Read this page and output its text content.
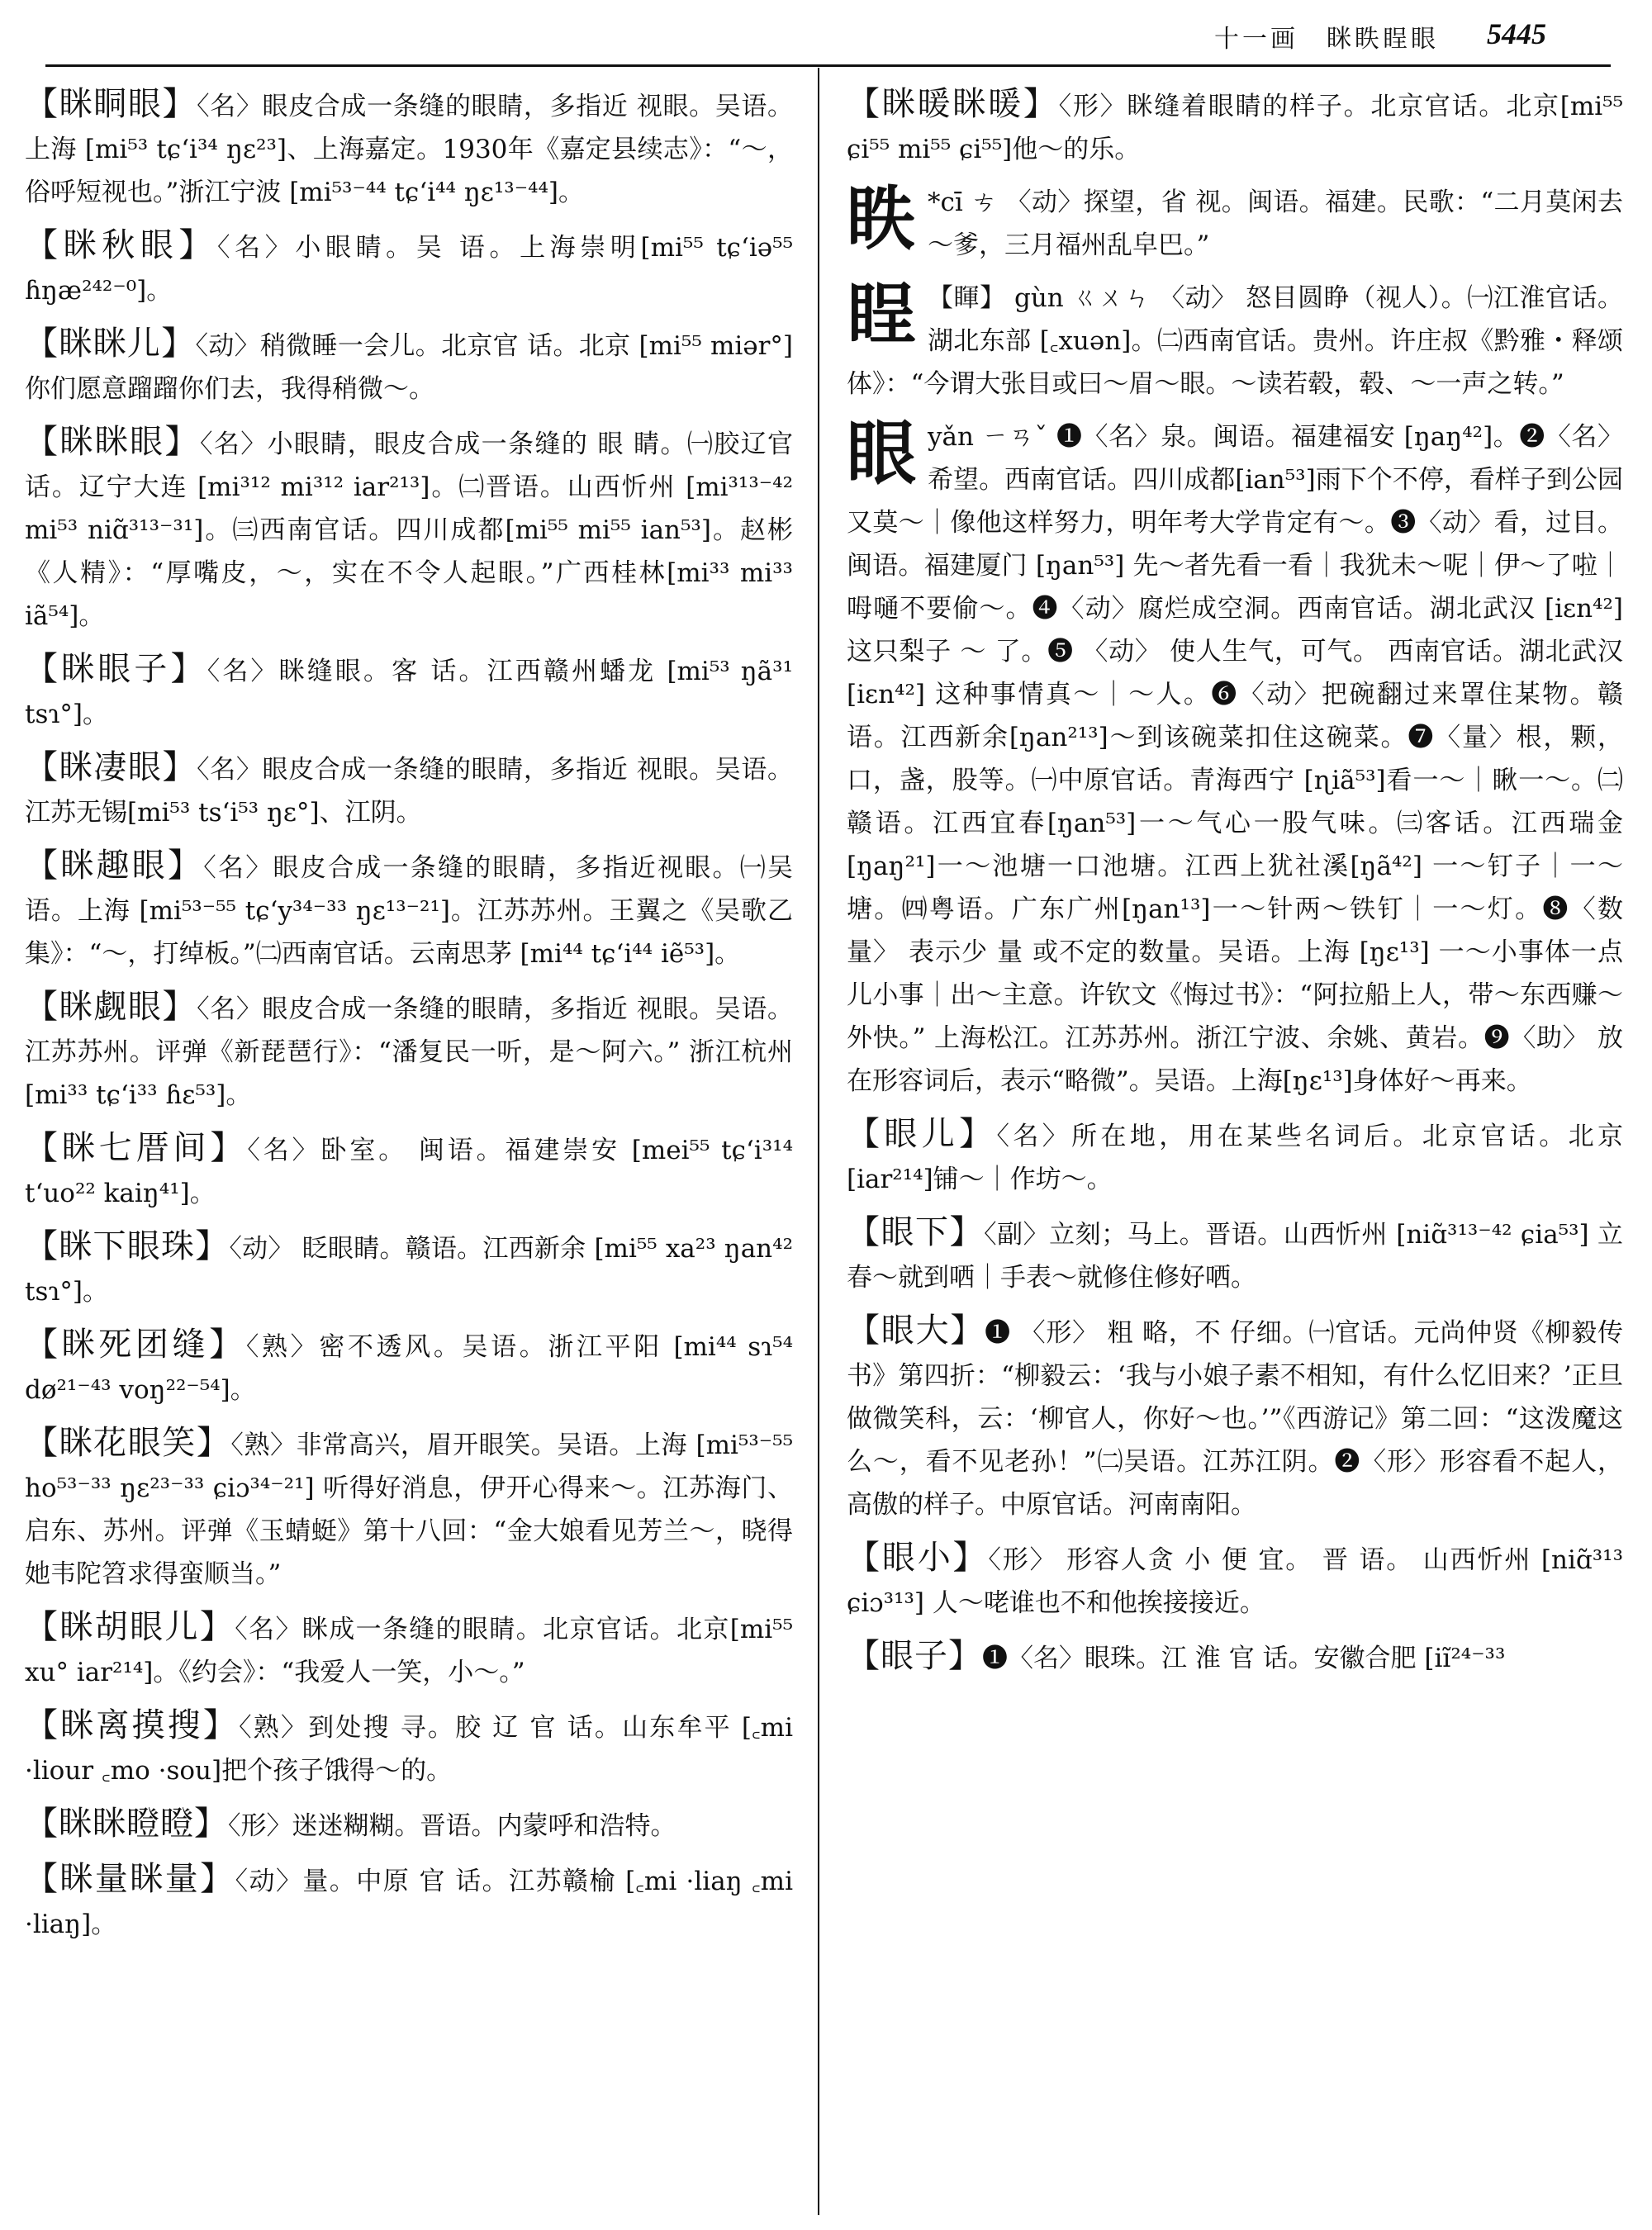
十一画　眯眣睈眼 5445

【眯眮眼】〈名〉眼皮合成一条缝的眼睛，多指近 视眼。吴语。上海 [mi⁵³ tɕʻi³⁴ ŋɛ²³]、上海嘉定。1930年《嘉定县续志》：“～，俗呼短视也。”浙江宁波 [mi⁵³⁻⁴⁴ tɕʻi⁴⁴ ŋɛ¹³⁻⁴⁴]。

【眯秋眼】〈名〉小眼睛。吴 语。上海崇明[mi⁵⁵ tɕʻiə⁵⁵ ɦŋæ²⁴²⁻⁰]。

【眯眯儿】〈动〉稍微睡一会儿。北京官 话。北京 [mi⁵⁵ miər°]你们愿意蹓蹓你们去，我得稍微～。

【眯眯眼】〈名〉小眼睛，眼皮合成一条缝的 眼 睛。㈠胶辽官话。辽宁大连 [mi³¹² mi³¹² iar²¹³]。㈡晋语。山西忻州 [mi³¹³⁻⁴² mi⁵³ niɑ̃³¹³⁻³¹]。㈢西南官话。四川成都[mi⁵⁵ mi⁵⁵ ian⁵³]。赵彬《人精》：“厚嘴皮，～，实在不令人起眼。”广西桂林[mi³³ mi³³ iã⁵⁴]。

【眯眼子】〈名〉眯缝眼。客 话。江西赣州蟠龙 [mi⁵³ ŋã³¹ tsɿ°]。

【眯凄眼】〈名〉眼皮合成一条缝的眼睛，多指近 视眼。吴语。江苏无锡[mi⁵³ tsʻi⁵³ ŋɛ°]、江阴。

【眯趣眼】〈名〉眼皮合成一条缝的眼睛，多指近视眼。㈠吴语。上海 [mi⁵³⁻⁵⁵ tɕʻy³⁴⁻³³ ŋɛ¹³⁻²¹]。江苏苏州。王翼之《吴歌乙集》：“～，打绰板。”㈡西南官话。云南思茅 [mi⁴⁴ tɕʻi⁴⁴ iẽ⁵³]。

【眯觑眼】〈名〉眼皮合成一条缝的眼睛，多指近 视眼。吴语。江苏苏州。评弹《新琵琶行》：“潘复民一听，是～阿六。” 浙江杭州[mi³³ tɕʻi³³ ɦɛ⁵³]。

【眯七厝间】〈名〉卧室。 闽语。福建崇安 [mei⁵⁵ tɕʻi³¹⁴ tʻuo²² kaiŋ⁴¹]。

【眯下眼珠】〈动〉 眨眼睛。赣语。江西新余 [mi⁵⁵ xa²³ ŋan⁴² tsɿ°]。

【眯死团缝】〈熟〉密不透风。吴语。浙江平阳 [mi⁴⁴ sɿ⁵⁴ dø²¹⁻⁴³ voŋ²²⁻⁵⁴]。

【眯花眼笑】〈熟〉非常高兴，眉开眼笑。吴语。上海 [mi⁵³⁻⁵⁵ ho⁵³⁻³³ ŋɛ²³⁻³³ ɕiɔ³⁴⁻²¹] 听得好消息，伊开心得来～。江苏海门、启东、苏州。评弹《玉蜻蜓》第十八回：“金大娘看见芳兰～，晓得她韦陀笤求得蛮顺当。”

【眯胡眼儿】〈名〉眯成一条缝的眼睛。北京官话。北京[mi⁵⁵ xu° iar²¹⁴]。《约会》：“我爱人一笑，小～。”

【眯离摸搜】〈熟〉到处搜 寻。胶 辽 官 话。山东牟平 [꜀mi ·liour ꜀mo ·sou]把个孩子饿得～的。

【眯眯瞪瞪】〈形〉迷迷糊糊。晋语。内蒙呼和浩特。

【眯量眯量】〈动〉量。中原 官 话。江苏赣榆 [꜀mi ·liaŋ ꜀mi ·liaŋ]。

【眯暖眯暖】〈形〉眯缝着眼睛的样子。北京官话。北京[mi⁵⁵ ɕi⁵⁵ mi⁵⁵ ɕi⁵⁵]他～的乐。

眣 *cī ㄘ 〈动〉探望，省 视。闽语。福建。民歌：“二月莫闲去～爹，三月福州乱皁巴。”
睈 【睴】 gùn ㄍㄨㄣ 〈动〉 怒目圆睁（视人）。㈠江淮官话。湖北东部 [꜀xuən]。㈡西南官话。贵州。许庄叔《黔雅・释颂体》：“今谓大张目或曰～眉～眼。～读若毂，毂、～一声之转。”
眼yǎn ㄧㄢˇ ❶〈名〉泉。闽语。福建福安 [ŋaŋ⁴²]。❷〈名〉希望。西南官话。四川成都[ian⁵³]雨下个不停，看样子到公园又莫～｜像他这样努力，明年考大学肯定有～。❸〈动〉看，过目。闽语。福建厦门 [ŋan⁵³] 先～者先看一看｜我犹未～呢｜伊～了啦｜呣嗵不要偷～。❹〈动〉腐烂成空洞。西南官话。湖北武汉 [iɛn⁴²] 这只梨子 ～ 了。❺ 〈动〉 使人生气，可气。 西南官话。湖北武汉 [iɛn⁴²] 这种事情真～｜～人。❻〈动〉把碗翻过来罩住某物。赣语。江西新余[ŋan²¹³]～到该碗菜扣住这碗菜。❼〈量〉根，颗，口，盏，股等。㈠中原官话。青海西宁 [ɳiã⁵³]看一～｜瞅一～。㈡赣语。江西宜春[ŋan⁵³]一～气心一股气味。㈢客话。江西瑞金[ŋaŋ²¹]一～池塘一口池塘。江西上犹社溪[ŋã⁴²] 一～钉子｜一～塘。㈣粤语。广东广州[ŋan¹³]一～针两～铁钉｜一～灯。❽〈数量〉 表示少 量 或不定的数量。吴语。上海 [ŋɛ¹³] 一～小事体一点儿小事｜出～主意。许钦文《悔过书》：“阿拉船上人，带～东西赚～外快。” 上海松江。江苏苏州。浙江宁波、余姚、黄岩。❾〈助〉 放在形容词后，表示“略微”。吴语。上海[ŋɛ¹³]身体好～再来。

【眼儿】〈名〉所在地，用在某些名词后。北京官话。北京 [iar²¹⁴]铺～｜作坊～。

【眼下】〈副〉立刻；马上。晋语。山西忻州 [niɑ̃³¹³⁻⁴² ɕia⁵³] 立春～就到哂｜手表～就修住修好哂。

【眼大】❶ 〈形〉 粗 略，不 仔细。㈠官话。元尚仲贤《柳毅传书》第四折：“柳毅云：‘我与小娘子素不相知，有什么忆旧来？’正旦做微笑科，云：‘柳官人，你好～也。’”《西游记》第二回：“这泼魔这么～，看不见老孙！”㈡吴语。江苏江阴。❷〈形〉形容看不起人，高傲的样子。中原官话。河南南阳。

【眼小】〈形〉 形容人贪 小 便 宜。 晋 语。 山西忻州 [niɑ̃³¹³ ɕiɔ³¹³] 人～咾谁也不和他挨接接近。

【眼子】❶〈名〉眼珠。江 淮 官 话。安徽合肥 [iĩ²⁴⁻³³
